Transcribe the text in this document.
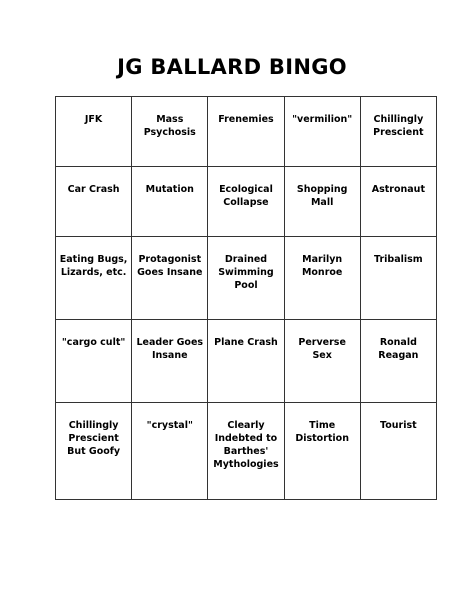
JG BALLARD BINGO
JFK	Mass Psychosis	Frenemies	"vermilion"	Chillingly Prescient
Car Crash	Mutation	Ecological Collapse	Shopping Mall	Astronaut
Eating Bugs, Lizards, etc.	Protagonist Goes Insane	Drained Swimming Pool	Marilyn Monroe	Tribalism
"cargo cult"	Leader Goes Insane	Plane Crash	Perverse Sex	Ronald Reagan
Chillingly Prescient But Goofy	"crystal"	Clearly Indebted to Barthes' Mythologies	Time Distortion	Tourist
